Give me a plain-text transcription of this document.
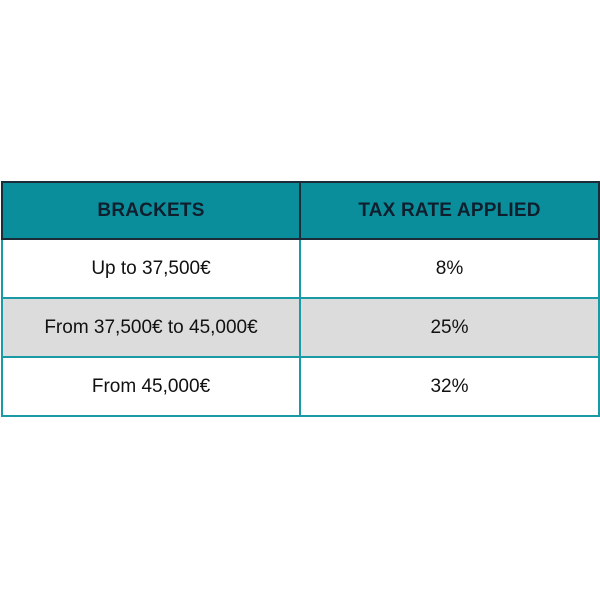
BRACKETS	TAX RATE APPLIED
Up to 37,500€	8%
From 37,500€ to 45,000€	25%
From 45,000€	32%
